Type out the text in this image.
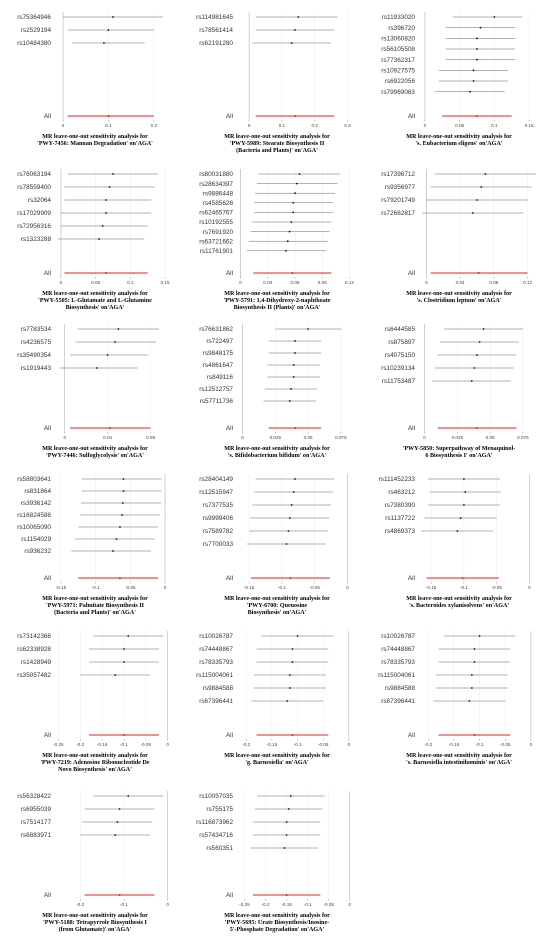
rs75364946
rs2529194
rs10484380
All
0	0.1	0.2
MR leave-one-out sensitivity analysis for
'PWY-7456: Mannan Degradation' on'AGA'
rs114981645
rs78561414
rs62191280
All
0	0.1	0.2	0.3
MR leave-one-out sensitivity analysis for
'PWY-5989: Stearate Biosynthesis II
(Bacteria and Plants)' on'AGA'
rs11933020
rs396720
rs13060820
rs56105508
rs77362317
rs10927575
rs6922056
rs79969063
All
0	0.05	0.1	0.15
MR leave-one-out sensitivity analysis for
's. Eubacterium eligens' on'AGA'
rs76063194
rs78559400
rs32064
rs17029909
rs72956316
rs1323288
All
0	0.05	0.1	0.15
MR leave-one-out sensitivity analysis for
'PWY-5505: L-Glutamate and L-Glutamine
Biosynthesis' on'AGA'
rs80031880
rs28634397
rs9886448
rs4585628
rs62465767
rs10192555
rs7691920
rs63721662
rs11761901
All
0	0.03	0.06	0.09	0.12
MR leave-one-out sensitivity analysis for
'PWY-5791: 1,4-Dihydroxy-2-naphthoate
Biosynthesis II (Plants)' on'AGA'
rs17398712
rs9356977
rs79201749
rs72662817
All
0	0.04	0.08	0.12
MR leave-one-out sensitivity analysis for
's. Clostridium leptum' on'AGA'
rs7783534
rs4236575
rs35490354
rs1919443
All
0	0.04	0.08
MR leave-one-out sensitivity analysis for
'PWY-7446: Sulfoglycolysis' on'AGA'
rs76631862
rs722497
rs9848175
rs4861647
rs849116
rs12512757
rs57711736
All
0	0.025	0.05	0.075
MR leave-one-out sensitivity analysis for
's. Bifidobacterium bifidum' on'AGA'
rs6444585
rs875897
rs4075150
rs10239134
rs11753487
All
0	0.025	0.05	0.075
'PWY-5850: Superpathway of Menaquinol-
6 Biosynthesis I' on'AGA'
rs58803641
rs831864
rs3936142
rs16824588
rs10065090
rs1154029
rs936232
All
-0.15	-0.1	-0.05	0
MR leave-one-out sensitivity analysis for
'PWY-5971: Palmitate Biosynthesis II
(Bacteria and Plants)' on'AGA'
rs28404149
rs12515947
rs7377535
rs9999406
rs7589782
rs7700033
All
-0.15	-0.1	-0.05	0
MR leave-one-out sensitivity analysis for
'PWY-6700: Queuosine
Biosynthesis' on'AGA'
rs111452233
rs463212
rs7380390
rs1137722
rs4869373
All
-0.15	-0.1	-0.05	0
MR leave-one-out sensitivity analysis for
's. Bacteroides xylanisolvens' on'AGA'
rs73142368
rs62338928
rs1428949
rs35057482
All
-0.25	-0.2	-0.15	-0.1	-0.05	0
MR leave-one-out sensitivity analysis for
'PWY-7219: Adenosine Ribonucleotide De
Novo Biosynthesis' on'AGA'
rs10026787
rs74448867
rs78335793
rs115004061
rs9884588
rs67396441
All
-0.2	-0.15	-0.1	-0.05	0
MR leave-one-out sensitivity analysis for
'g. Barnesiella' on'AGA'
rs10026787
rs74448867
rs78335793
rs115004061
rs9884588
rs67396441
All
-0.2	-0.15	-0.1	-0.05	0
MR leave-one-out sensitivity analysis for
's. Barnesiella intestinihominis' on'AGA'
rs56328422
rs6955039
rs7514177
rs6883971
All
-0.2	-0.1	0
MR leave-one-out sensitivity analysis for
'PWY-5188: Tetrapyrrole Biosynthesis I
(from Glutamate)' on'AGA'
rs10057035
rs755175
rs116873962
rs57434716
rs560351
All
-0.25	-0.2	-0.15	-0.1	-0.05	0
MR leave-one-out sensitivity analysis for
'PWY-5695: Urate Biosynthesis/Inosine-
5'-Phosphate Degradation' on'AGA'
